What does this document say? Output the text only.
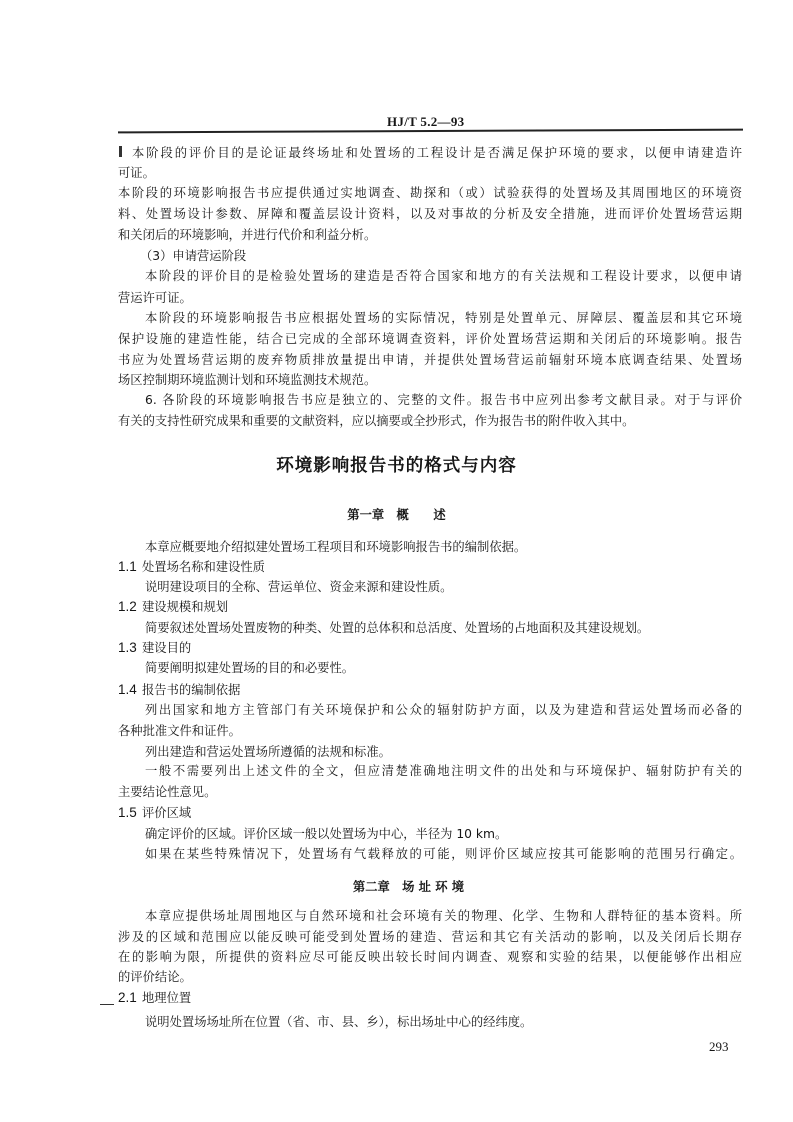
HJ/T 5.2—93
本阶段的评价目的是论证最终场址和处置场的工程设计是否满足保护环境的要求，以便申请建造许
可证。
本阶段的环境影响报告书应提供通过实地调查、勘探和（或）试验获得的处置场及其周围地区的环境资
料、处置场设计参数、屏障和覆盖层设计资料，以及对事故的分析及安全措施，进而评价处置场营运期
和关闭后的环境影响，并进行代价和利益分析。
（3）申请营运阶段
本阶段的评价目的是检验处置场的建造是否符合国家和地方的有关法规和工程设计要求，以便申请
营运许可证。
本阶段的环境影响报告书应根据处置场的实际情况，特别是处置单元、屏障层、覆盖层和其它环境
保护设施的建造性能，结合已完成的全部环境调查资料，评价处置场营运期和关闭后的环境影响。报告
书应为处置场营运期的废弃物质排放量提出申请，并提供处置场营运前辐射环境本底调查结果、处置场
场区控制期环境监测计划和环境监测技术规范。
6. 各阶段的环境影响报告书应是独立的、完整的文件。报告书中应列出参考文献目录。对于与评价
有关的支持性研究成果和重要的文献资料，应以摘要或全抄形式，作为报告书的附件收入其中。
环境影响报告书的格式与内容
第一章　概　　述
本章应概要地介绍拟建处置场工程项目和环境影响报告书的编制依据。
1.1 处置场名称和建设性质
说明建设项目的全称、营运单位、资金来源和建设性质。
1.2 建设规模和规划
简要叙述处置场处置废物的种类、处置的总体积和总活度、处置场的占地面积及其建设规划。
1.3 建设目的
简要阐明拟建处置场的目的和必要性。
1.4 报告书的编制依据
列出国家和地方主管部门有关环境保护和公众的辐射防护方面，以及为建造和营运处置场而必备的
各种批准文件和证件。
列出建造和营运处置场所遵循的法规和标准。
一般不需要列出上述文件的全文，但应清楚准确地注明文件的出处和与环境保护、辐射防护有关的
主要结论性意见。
1.5 评价区域
确定评价的区域。评价区域一般以处置场为中心，半径为 10 km。
如果在某些特殊情况下，处置场有气载释放的可能，则评价区域应按其可能影响的范围另行确定。
第二章　场 址 环 境
本章应提供场址周围地区与自然环境和社会环境有关的物理、化学、生物和人群特征的基本资料。所
涉及的区域和范围应以能反映可能受到处置场的建造、营运和其它有关活动的影响，以及关闭后长期存
在的影响为限，所提供的资料应尽可能反映出较长时间内调查、观察和实验的结果，以便能够作出相应
的评价结论。
2.1 地理位置
说明处置场场址所在位置（省、市、县、乡），标出场址中心的经纬度。
293
